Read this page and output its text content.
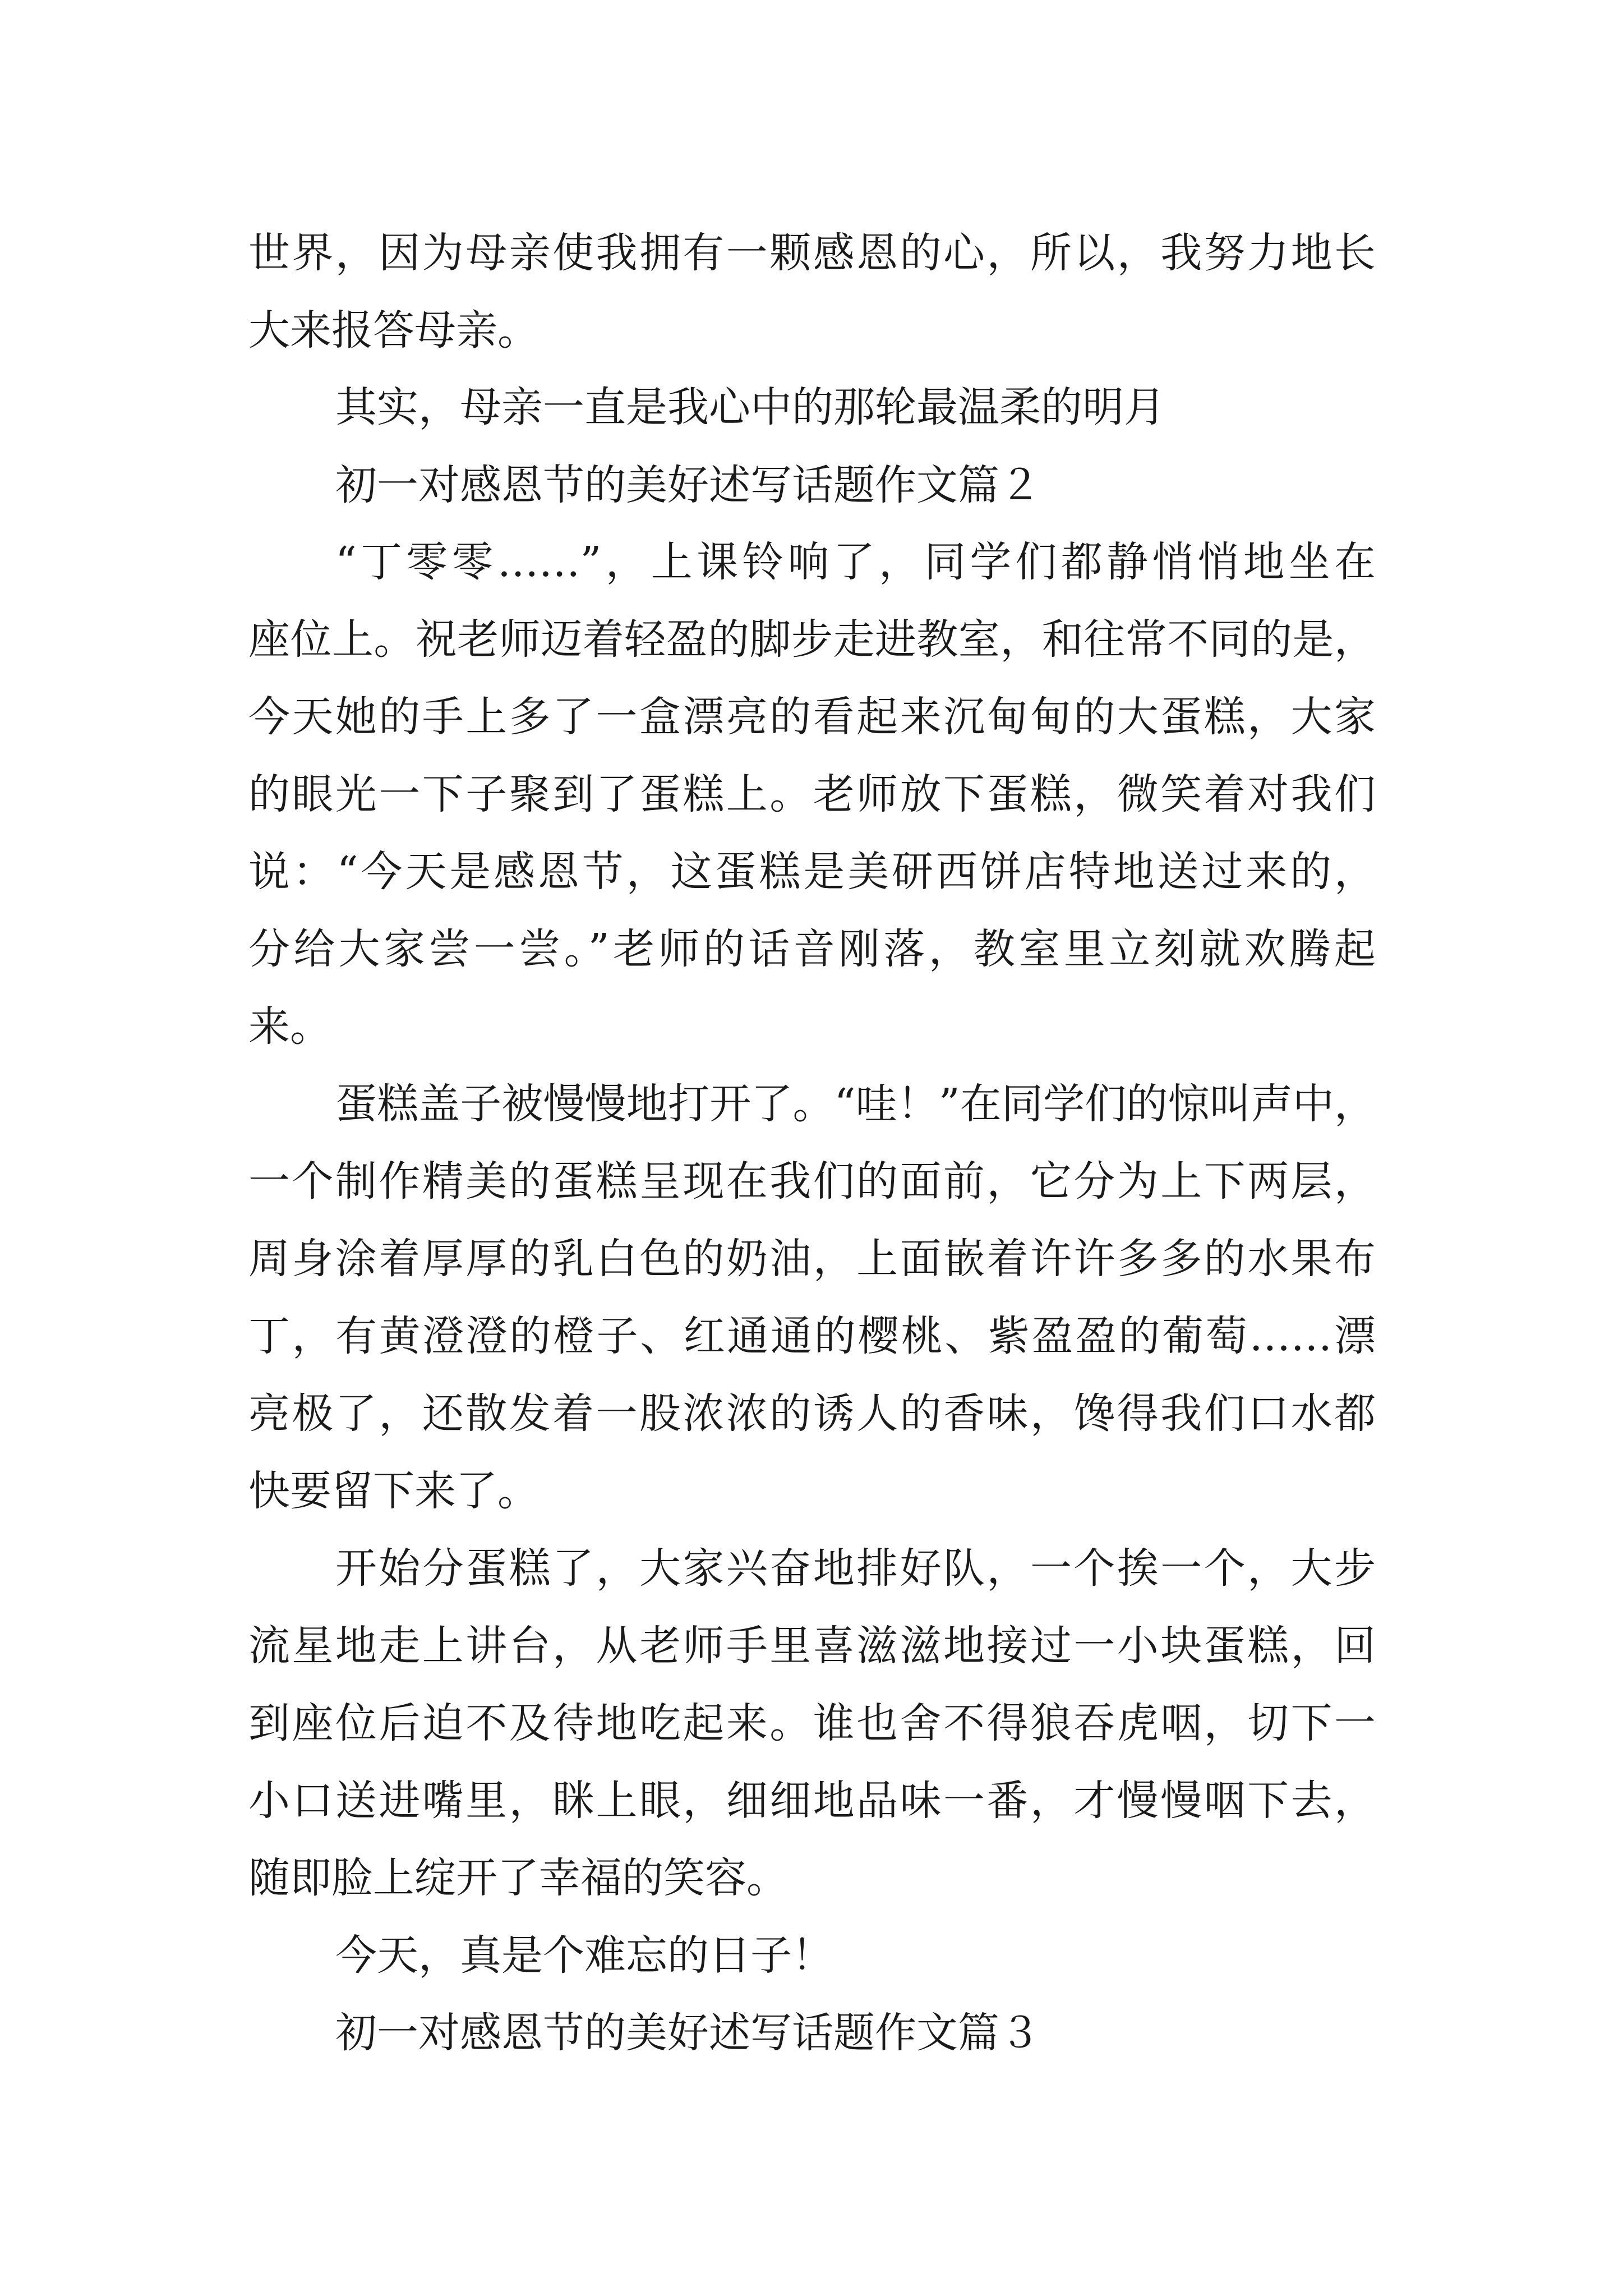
世界，因为母亲使我拥有一颗感恩的心，所以，我努力地长
大来报答母亲。
其实，母亲一直是我心中的那轮最温柔的明月
初一对感恩节的美好述写话题作文篇２
“丁零零……”，上课铃响了，同学们都静悄悄地坐在
座位上。祝老师迈着轻盈的脚步走进教室，和往常不同的是，
今天她的手上多了一盒漂亮的看起来沉甸甸的大蛋糕，大家
的眼光一下子聚到了蛋糕上。老师放下蛋糕，微笑着对我们
说：“今天是感恩节，这蛋糕是美研西饼店特地送过来的，
分给大家尝一尝。”老师的话音刚落，教室里立刻就欢腾起
来。
蛋糕盖子被慢慢地打开了。“哇！”在同学们的惊叫声中，
一个制作精美的蛋糕呈现在我们的面前，它分为上下两层，
周身涂着厚厚的乳白色的奶油，上面嵌着许许多多的水果布
丁，有黄澄澄的橙子、红通通的樱桃、紫盈盈的葡萄……漂
亮极了，还散发着一股浓浓的诱人的香味，馋得我们口水都
快要留下来了。
开始分蛋糕了，大家兴奋地排好队，一个挨一个，大步
流星地走上讲台，从老师手里喜滋滋地接过一小块蛋糕，回
到座位后迫不及待地吃起来。谁也舍不得狼吞虎咽，切下一
小口送进嘴里，眯上眼，细细地品味一番，才慢慢咽下去，
随即脸上绽开了幸福的笑容。
今天，真是个难忘的日子！
初一对感恩节的美好述写话题作文篇３
